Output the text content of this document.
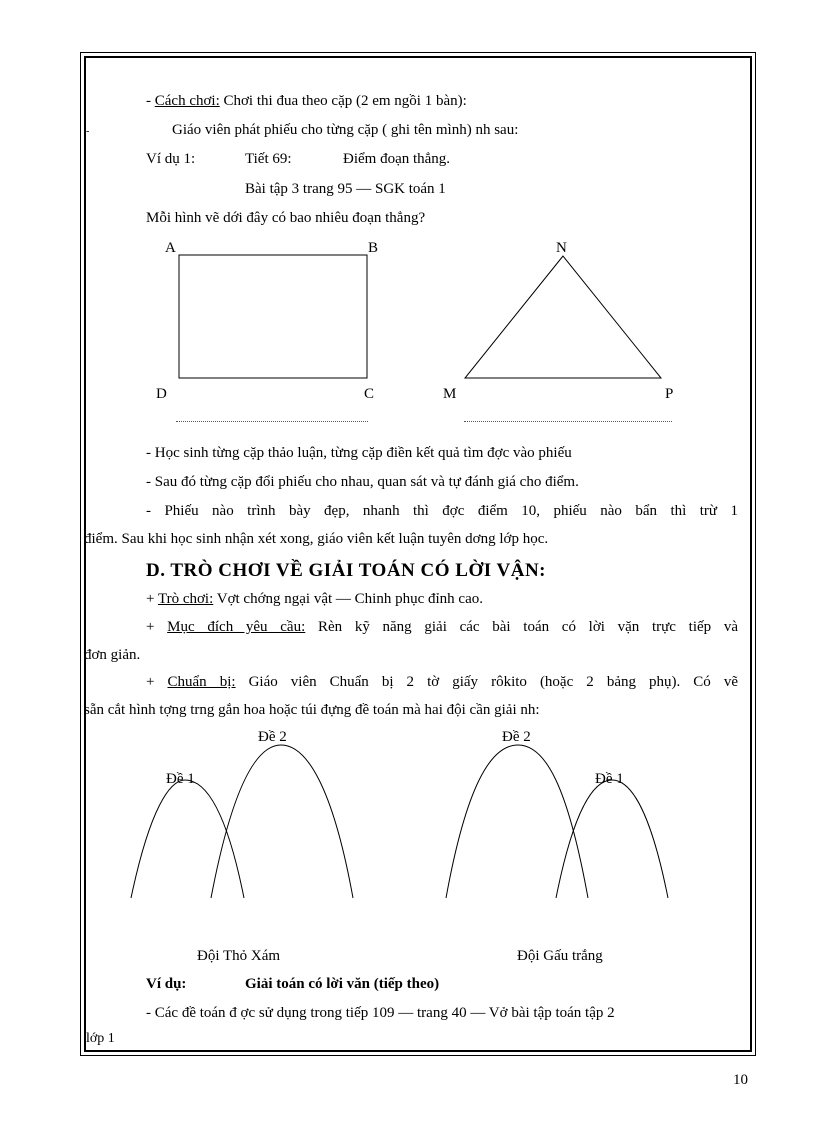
-
- Cách chơi: Chơi thi đua theo cặp (2 em ngồi 1 bàn):
Giáo viên phát phiếu cho từng cặp ( ghi tên mình) nh sau:
Ví dụ 1:	Tiết 69:	Điểm đoạn thẳng.
Bài tập 3 trang 95 — SGK toán 1
Mỗi hình vẽ dới đây có bao nhiêu đoạn thẳng?
A	B
D	C
N
M	P
- Học sinh từng cặp thảo luận, từng cặp điền kết quả tìm đợc vào phiếu
- Sau đó từng cặp đổi phiếu cho nhau, quan sát và tự đánh giá cho điểm.
- Phiếu nào trình bày đẹp, nhanh thì đợc điểm 10, phiếu nào bẩn thì trừ 1
điểm. Sau khi học sinh nhận xét xong, giáo viên kết luận tuyên dơng lớp học.
D. TRÒ CHƠI VỀ GIẢI TOÁN CÓ LỜI VẬN:
+ Trò chơi: Vợt chớng ngại vật — Chinh phục đỉnh cao.
+ Mục đích yêu cầu: Rèn kỹ năng giải các bài toán có lời vặn trực tiếp và
đơn giản.
+ Chuẩn bị: Giáo viên Chuẩn bị 2 tờ giấy rôkito (hoặc 2 bảng phụ). Có vẽ
sẵn cắt hình tợng trng gắn hoa hoặc túi đựng đề toán mà hai đội cần giải nh:
Đề 2
Đề 1
Đề 2
Đề 1
Đội Thỏ Xám	Đội Gấu trắng
Ví dụ:	Giải toán có lời văn (tiếp theo)
- Các đề toán đ ợc sử dụng trong tiếp 109 — trang 40 — Vở bài tập toán tập 2
lớp 1
10
